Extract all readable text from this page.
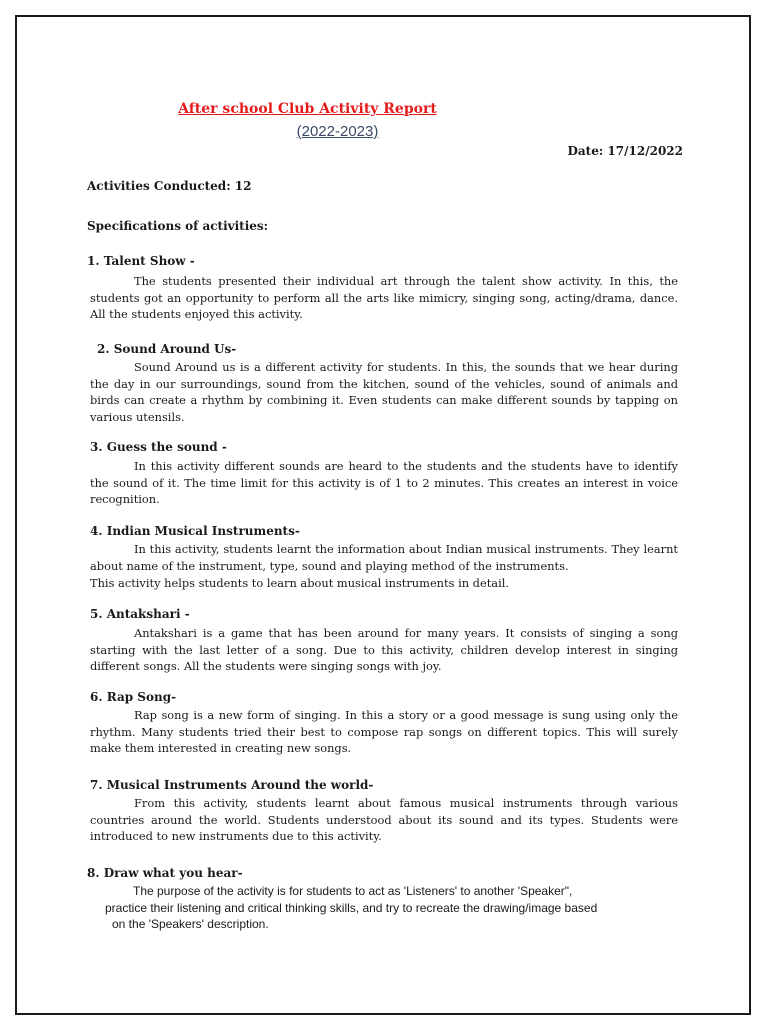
After school Club Activity Report
(2022-2023)
Date: 17/12/2022
Activities Conducted: 12
Specifications of activities:
1. Talent Show -
The students presented their individual art through the talent show activity. In this, the students got an opportunity to perform all the arts like mimicry, singing song, acting/drama, dance. All the students enjoyed this activity.
2. Sound Around Us-
Sound Around us is a different activity for students. In this, the sounds that we hear during the day in our surroundings, sound from the kitchen, sound of the vehicles, sound of animals and birds can create a rhythm by combining it. Even students can make different sounds by tapping on various utensils.
3. Guess the sound -
In this activity different sounds are heard to the students and the students have to identify the sound of it. The time limit for this activity is of 1 to 2 minutes. This creates an interest in voice recognition.
4. Indian Musical Instruments-
In this activity, students learnt the information about Indian musical instruments. They learnt about name of the instrument, type, sound and playing method of the instruments.
This activity helps students to learn about musical instruments in detail.
5. Antakshari -
Antakshari is a game that has been around for many years. It consists of singing a song starting with the last letter of a song. Due to this activity, children develop interest in singing different songs. All the students were singing songs with joy.
6. Rap Song-
Rap song is a new form of singing. In this a story or a good message is sung using only the rhythm. Many students tried their best to compose rap songs on different topics. This will surely make them interested in creating new songs.
7. Musical Instruments Around the world-
From this activity, students learnt about famous musical instruments through various countries around the world. Students understood about its sound and its types. Students were introduced to new instruments due to this activity.
8. Draw what you hear-
The purpose of the activity is for students to act as 'Listeners' to another 'Speaker",
practice their listening and critical thinking skills, and try to recreate the drawing/image based
on the 'Speakers' description.
